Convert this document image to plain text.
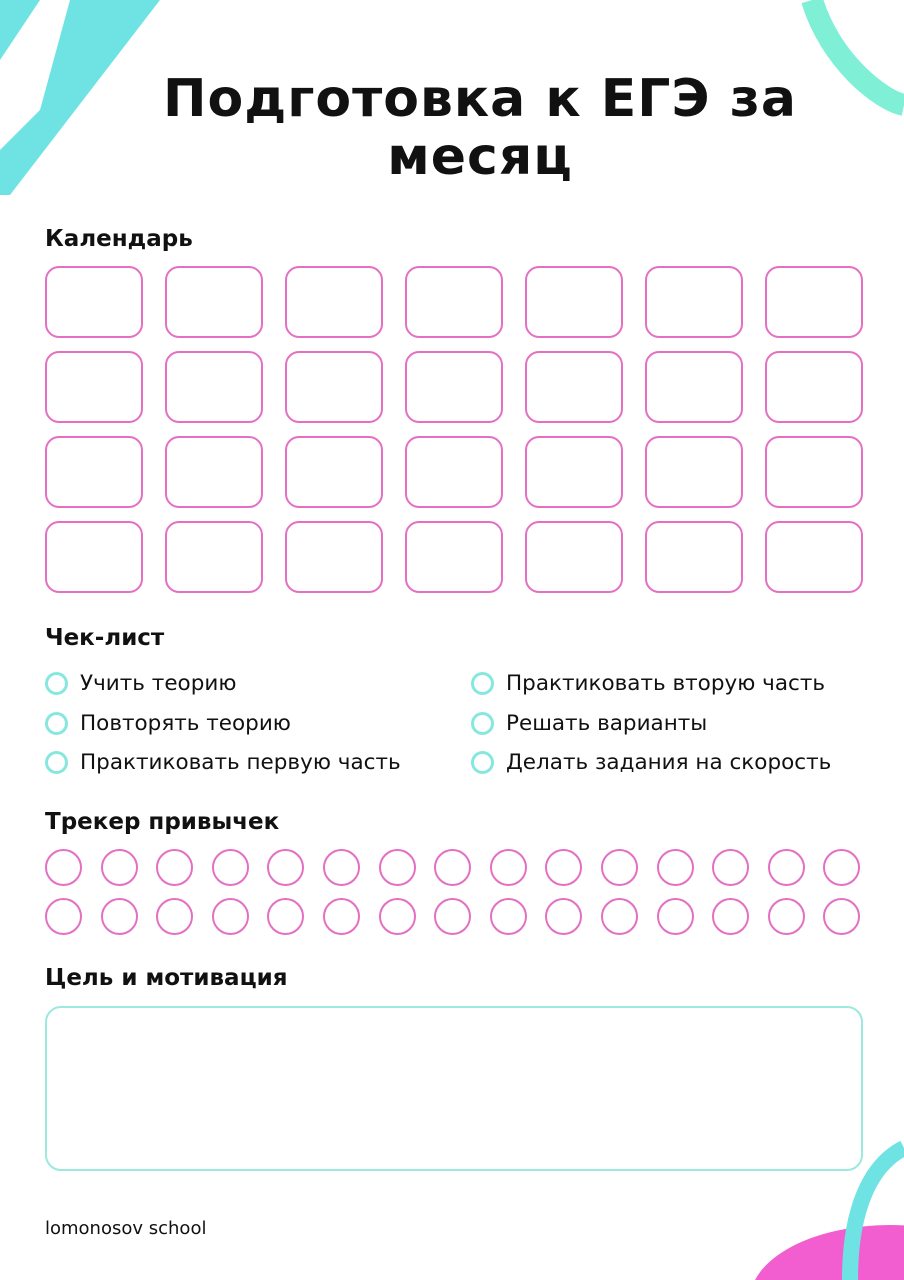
Подготовка к ЕГЭ за месяц
Календарь
Чек-лист
Учить теорию
Повторять теорию
Практиковать первую часть
Практиковать вторую часть
Решать варианты
Делать задания на скорость
Трекер привычек
Цель и мотивация
lomonosov school
